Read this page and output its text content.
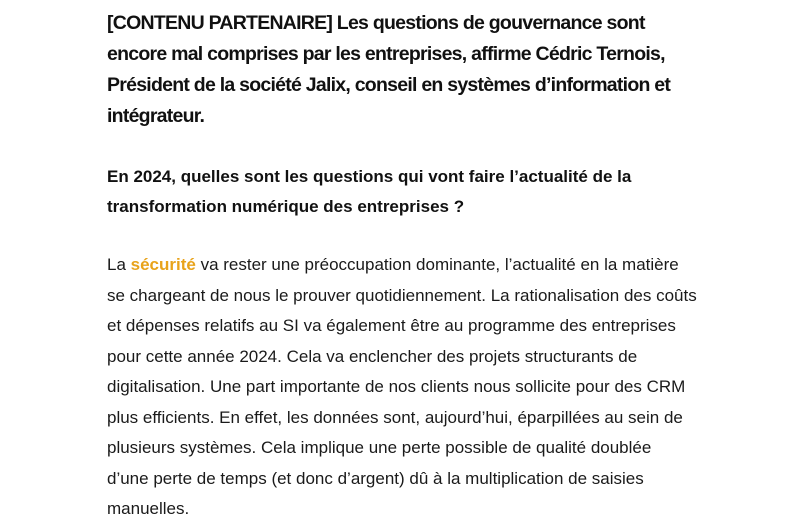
[CONTENU PARTENAIRE] Les questions de gouvernance sont encore mal comprises par les entreprises, affirme Cédric Ternois, Président de la société Jalix, conseil en systèmes d’information et intégrateur.

En 2024, quelles sont les questions qui vont faire l’actualité de la transformation numérique des entreprises ?

La sécurité va rester une préoccupation dominante, l’actualité en la matière se chargeant de nous le prouver quotidiennement. La rationalisation des coûts et dépenses relatifs au SI va également être au programme des entreprises pour cette année 2024. Cela va enclencher des projets structurants de digitalisation. Une part importante de nos clients nous sollicite pour des CRM plus efficients. En effet, les données sont, aujourd’hui, éparpillées au sein de plusieurs systèmes. Cela implique une perte possible de qualité doublée d’une perte de temps (et donc d’argent) dû à la multiplication de saisies manuelles.
